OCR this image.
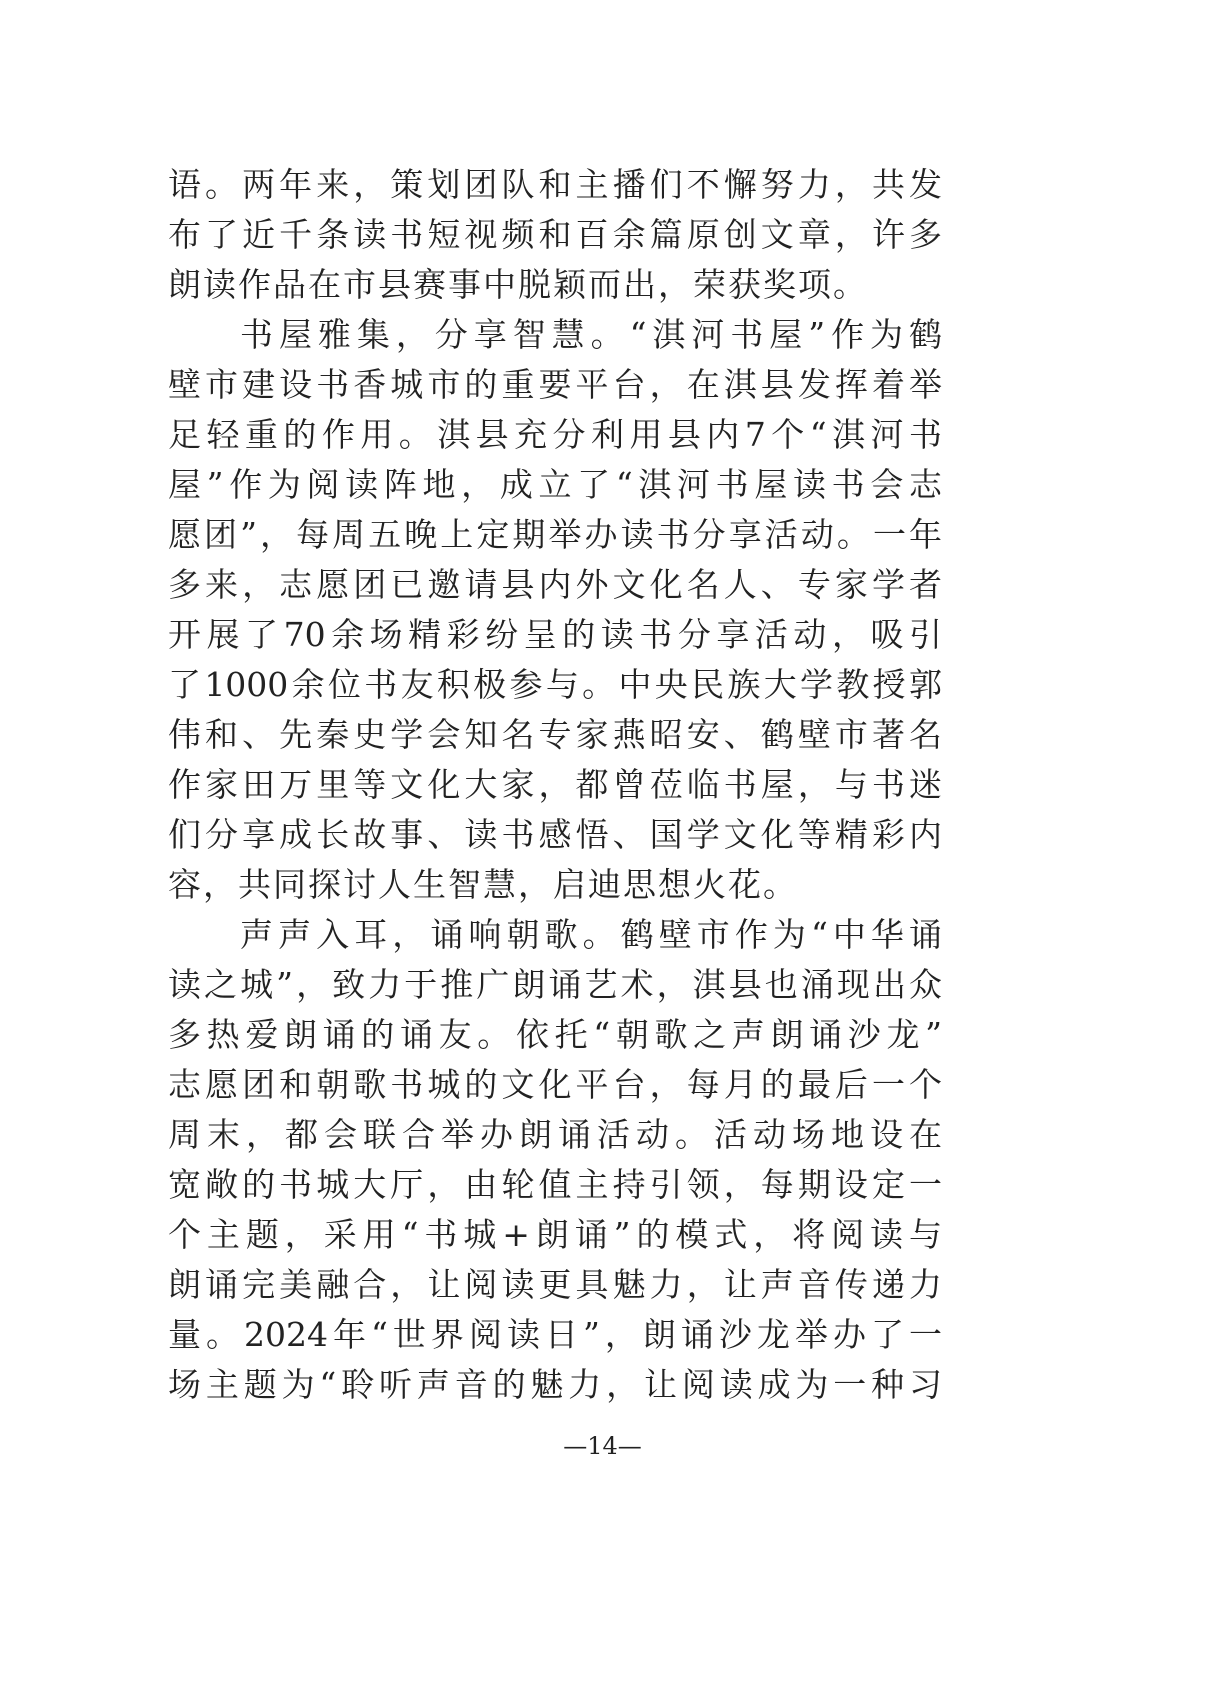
语。两年来，策划团队和主播们不懈努力，共发
布了近千条读书短视频和百余篇原创文章，许多
朗读作品在市县赛事中脱颖而出，荣获奖项。
书屋雅集，分享智慧。“淇河书屋”作为鹤
壁市建设书香城市的重要平台，在淇县发挥着举
足轻重的作用。淇县充分利用县内7个“淇河书
屋”作为阅读阵地，成立了“淇河书屋读书会志
愿团”，每周五晚上定期举办读书分享活动。一年
多来，志愿团已邀请县内外文化名人、专家学者
开展了70余场精彩纷呈的读书分享活动，吸引
了1000余位书友积极参与。中央民族大学教授郭
伟和、先秦史学会知名专家燕昭安、鹤壁市著名
作家田万里等文化大家，都曾莅临书屋，与书迷
们分享成长故事、读书感悟、国学文化等精彩内
容，共同探讨人生智慧，启迪思想火花。
声声入耳，诵响朝歌。鹤壁市作为“中华诵
读之城”，致力于推广朗诵艺术，淇县也涌现出众
多热爱朗诵的诵友。依托“朝歌之声朗诵沙龙”
志愿团和朝歌书城的文化平台，每月的最后一个
周末，都会联合举办朗诵活动。活动场地设在
宽敞的书城大厅，由轮值主持引领，每期设定一
个主题，采用“书城+朗诵”的模式，将阅读与
朗诵完美融合，让阅读更具魅力，让声音传递力
量。2024年“世界阅读日”，朗诵沙龙举办了一
场主题为“聆听声音的魅力，让阅读成为一种习
—14—
